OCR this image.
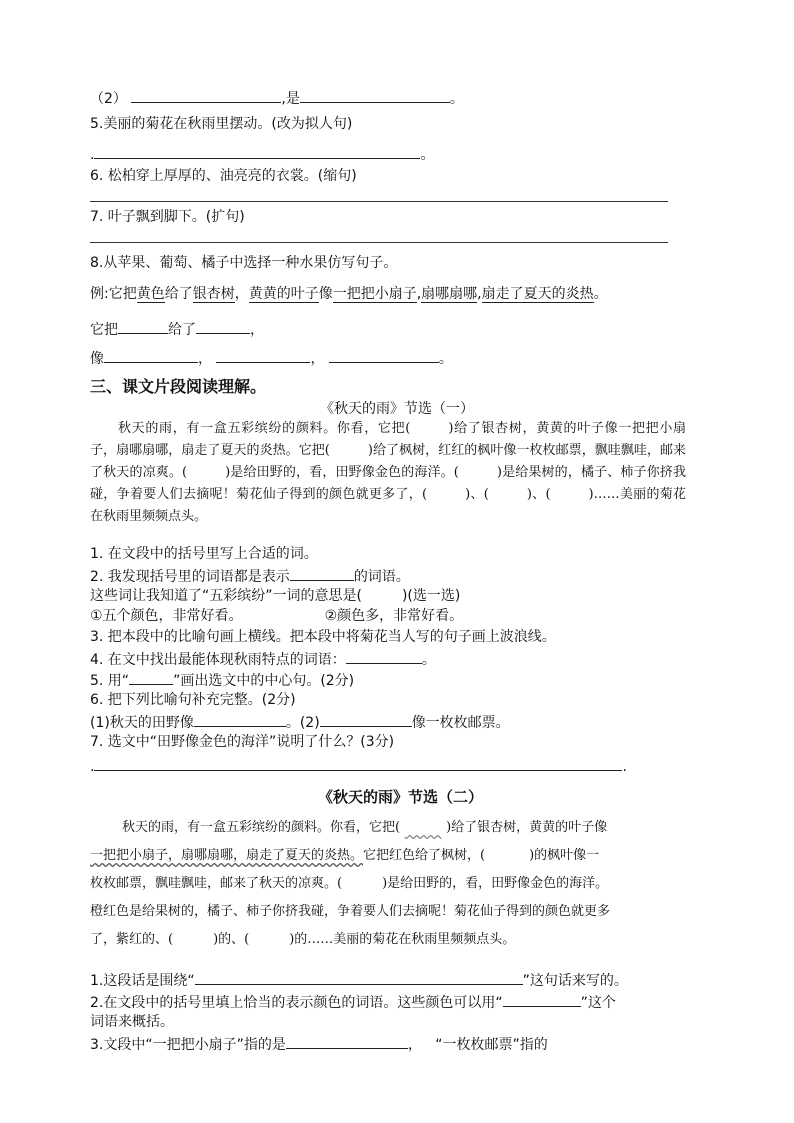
（2）	,是	。
5.美丽的菊花在秋雨里摆动。(改为拟人句)
.	。
6. 松柏穿上厚厚的、油亮亮的衣裳。(缩句)
7. 叶子飘到脚下。(扩句)
8.从苹果、葡萄、橘子中选择一种水果仿写句子。
例:它把黄色给了银杏树，黄黄的叶子像一把把小扇子,扇哪扇哪,扇走了夏天的炎热。
它把	给了	，
像	，	，	。
三、课文片段阅读理解。
《秋天的雨》节选（一）
秋天的雨，有一盒五彩缤纷的颜料。你看，它把(	)给了银杏树，黄黄的叶子像一把把小扇子，扇哪扇哪，扇走了夏天的炎热。它把(	)给了枫树，红红的枫叶像一枚枚邮票，飘哇飘哇，邮来了秋天的凉爽。(	)是给田野的，看，田野像金色的海洋。(	)是给果树的，橘子、柿子你挤我碰，争着要人们去摘呢！菊花仙子得到的颜色就更多了，(	)、(	)、(	)……美丽的菊花在秋雨里频频点头。
1. 在文段中的括号里写上合适的词。
2. 我发现括号里的词语都是表示	的词语。
这些词让我知道了“五彩缤纷”一词的意思是(	)(选一选)
①五个颜色，非常好看。	②颜色多，非常好看。
3. 把本段中的比喻句画上横线。把本段中将菊花当人写的句子画上波浪线。
4. 在文中找出最能体现秋雨特点的词语：	。
5. 用“	”画出选文中的中心句。(2分)
6. 把下列比喻句补充完整。(2分)
(1)秋天的田野像	。(2)	像一枚枚邮票。
7. 选文中“田野像金色的海洋”说明了什么？(3分)
.	.
《秋天的雨》节选（二）
秋天的雨，有一盒五彩缤纷的颜料。你看，它把(	)给了银杏树，黄黄的叶子像
一把把小扇子，扇哪扇哪，扇走了夏天的炎热。它把红色给了枫树，(	)的枫叶像一
枚枚邮票，飘哇飘哇，邮来了秋天的凉爽。(	)是给田野的，看，田野像金色的海洋。
橙红色是给果树的，橘子、柿子你挤我碰，争着要人们去摘呢！菊花仙子得到的颜色就更多
了，紫红的、(	)的、(	)的……美丽的菊花在秋雨里频频点头。
1.这段话是围绕“	”这句话来写的。
2.在文段中的括号里填上恰当的表示颜色的词语。这些颜色可以用“	”这个
词语来概括。
3.文段中“一把把小扇子”指的是	， “一枚枚邮票”指的
